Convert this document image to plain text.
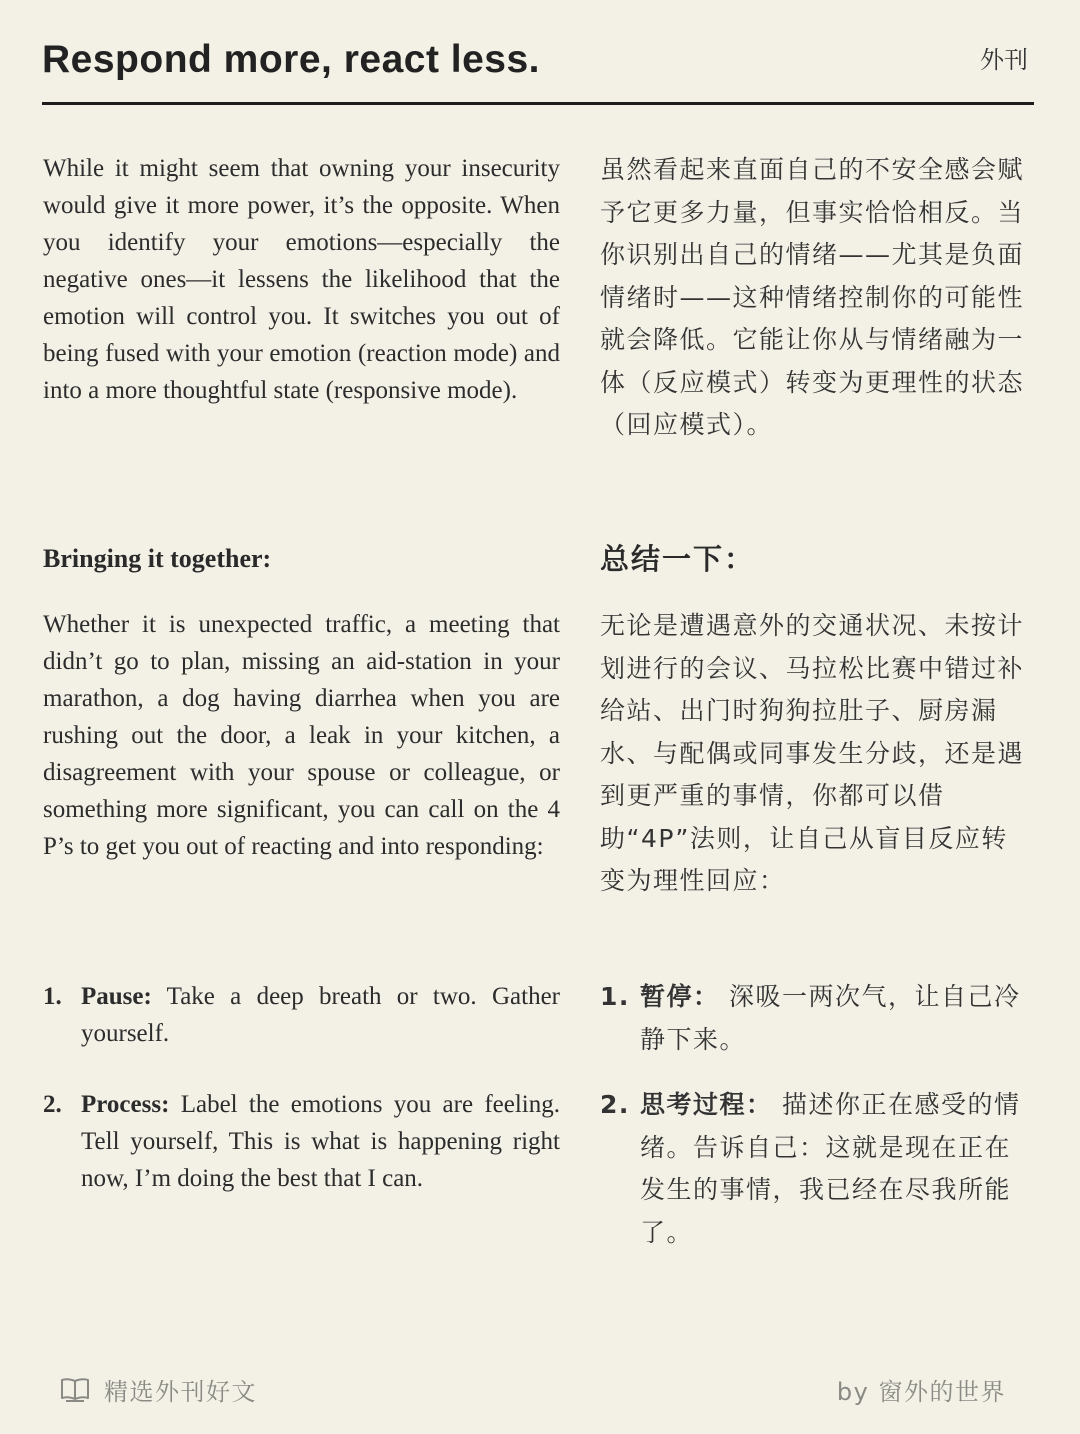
Respond more, react less.	外刊
While it might seem that owning your insecurity would give it more power, it’s the opposite. When you identify your emotions—especially the negative ones—it lessens the likelihood that the emotion will control you. It switches you out of being fused with your emotion (reaction mode) and into a more thoughtful state (responsive mode).
虽然看起来直面自己的不安全感会赋予它更多力量，但事实恰恰相反。当你识别出自己的情绪——尤其是负面情绪时——这种情绪控制你的可能性就会降低。它能让你从与情绪融为一体（反应模式）转变为更理性的状态（回应模式）。
Bringing it together:	总结一下：
Whether it is unexpected traffic, a meeting that didn’t go to plan, missing an aid-station in your marathon, a dog having diarrhea when you are rushing out the door, a leak in your kitchen, a disagreement with your spouse or colleague, or something more significant, you can call on the 4 P’s to get you out of reacting and into responding:
无论是遭遇意外的交通状况、未按计划进行的会议、马拉松比赛中错过补给站、出门时狗狗拉肚子、厨房漏水、与配偶或同事发生分歧，还是遇到更严重的事情，你都可以借助“4P”法则，让自己从盲目反应转变为理性回应：
1. Pause: Take a deep breath or two. Gather yourself.
1. 暂停： 深吸一两次气，让自己冷静下来。
2. Process: Label the emotions you are feeling. Tell yourself, This is what is happening right now, I’m doing the best that I can.
2. 思考过程： 描述你正在感受的情绪。告诉自己：这就是现在正在发生的事情，我已经在尽我所能了。
精选外刊好文	by 窗外的世界
